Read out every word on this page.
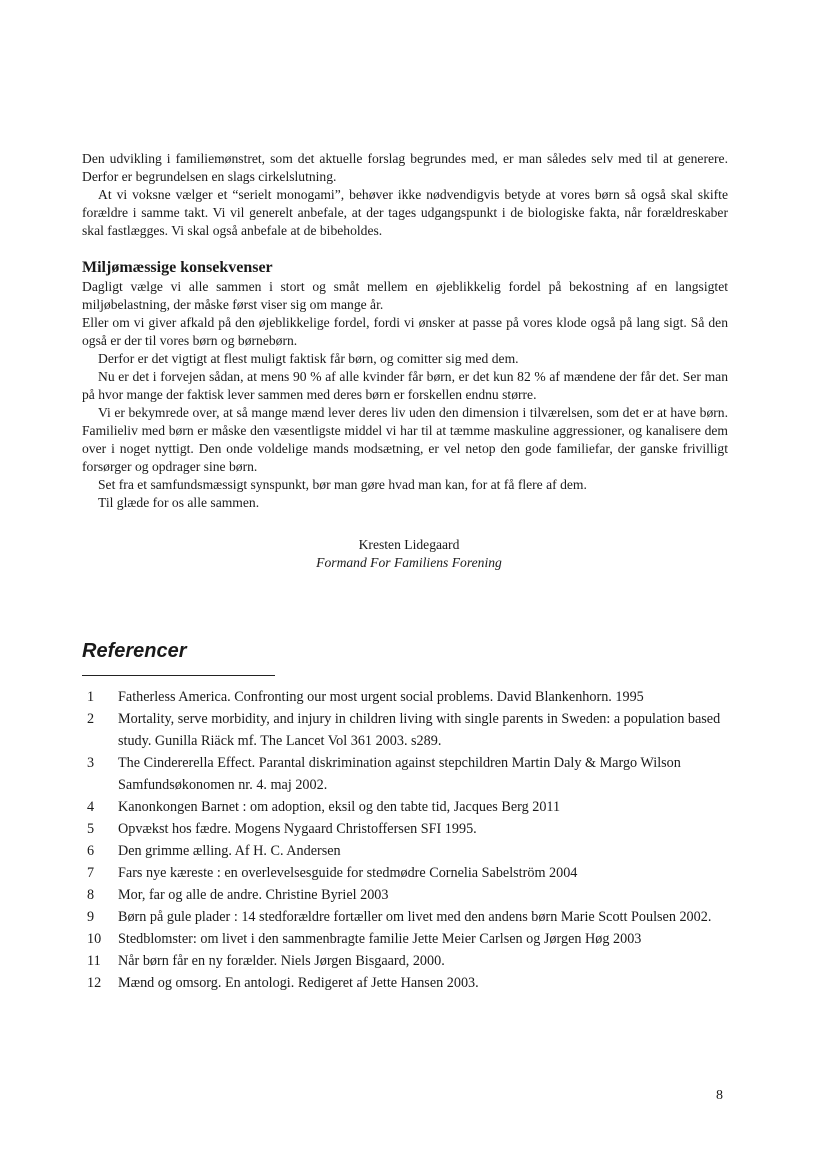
Den udvikling i familiemønstret, som det aktuelle forslag begrundes med, er man således selv med til at generere. Derfor er begrundelsen en slags cirkelslutning.

At vi voksne vælger et “serielt monogami”, behøver ikke nødvendigvis betyde at vores børn så også skal skifte forældre i samme takt. Vi vil generelt anbefale, at der tages udgangspunkt i de biologiske fakta, når forældreskaber skal fastlægges. Vi skal også anbefale at de bibeholdes.

Miljømæssige konsekvenser

Dagligt vælge vi alle sammen i stort og småt mellem en øjeblikkelig fordel på bekostning af en langsigtet miljøbelastning, der måske først viser sig om mange år.

Eller om vi giver afkald på den øjeblikkelige fordel, fordi vi ønsker at passe på vores klode også på lang sigt. Så den også er der til vores børn og børnebørn.

Derfor er det vigtigt at flest muligt faktisk får børn, og comitter sig med dem.

Nu er det i forvejen sådan, at mens 90 % af alle kvinder får børn, er det kun 82 % af mændene der får det. Ser man på hvor mange der faktisk lever sammen med deres børn er forskellen endnu større.

Vi er bekymrede over, at så mange mænd lever deres liv uden den dimension i tilværelsen, som det er at have børn. Familieliv med børn er måske den væsentligste middel vi har til at tæmme maskuline aggressioner, og kanalisere dem over i noget nyttigt. Den onde voldelige mands modsætning, er vel netop den gode familiefar, der ganske frivilligt forsørger og opdrager sine børn.

Set fra et samfundsmæssigt synspunkt, bør man gøre hvad man kan, for at få flere af dem.

Til glæde for os alle sammen.

Kresten Lidegaard
Formand For Familiens Forening
Referencer
1	Fatherless America. Confronting our most urgent social problems. David Blankenhorn. 1995
2	Mortality, serve morbidity, and injury in children living with single parents in Sweden: a population based study. Gunilla Riäck mf. The Lancet Vol 361 2003. s289.
3	The Cindererella Effect. Parantal diskrimination against stepchildren Martin Daly & Margo Wilson Samfundsøkonomen nr. 4. maj 2002.
4	Kanonkongen Barnet : om adoption, eksil og den tabte tid, Jacques Berg 2011
5	Opvækst hos fædre. Mogens Nygaard Christoffersen SFI 1995.
6	Den grimme ælling. Af H. C. Andersen
7	Fars nye kæreste : en overlevelsesguide for stedmødre Cornelia Sabelström 2004
8	Mor, far og alle de andre. Christine Byriel 2003
9	Børn på gule plader : 14 stedforældre fortæller om livet med den andens børn Marie Scott Poulsen 2002.
10	Stedblomster: om livet i den sammenbragte familie Jette Meier Carlsen og Jørgen Høg 2003
11	Når børn får en ny forælder. Niels Jørgen Bisgaard, 2000.
12	Mænd og omsorg. En antologi. Redigeret af Jette Hansen 2003.
8
